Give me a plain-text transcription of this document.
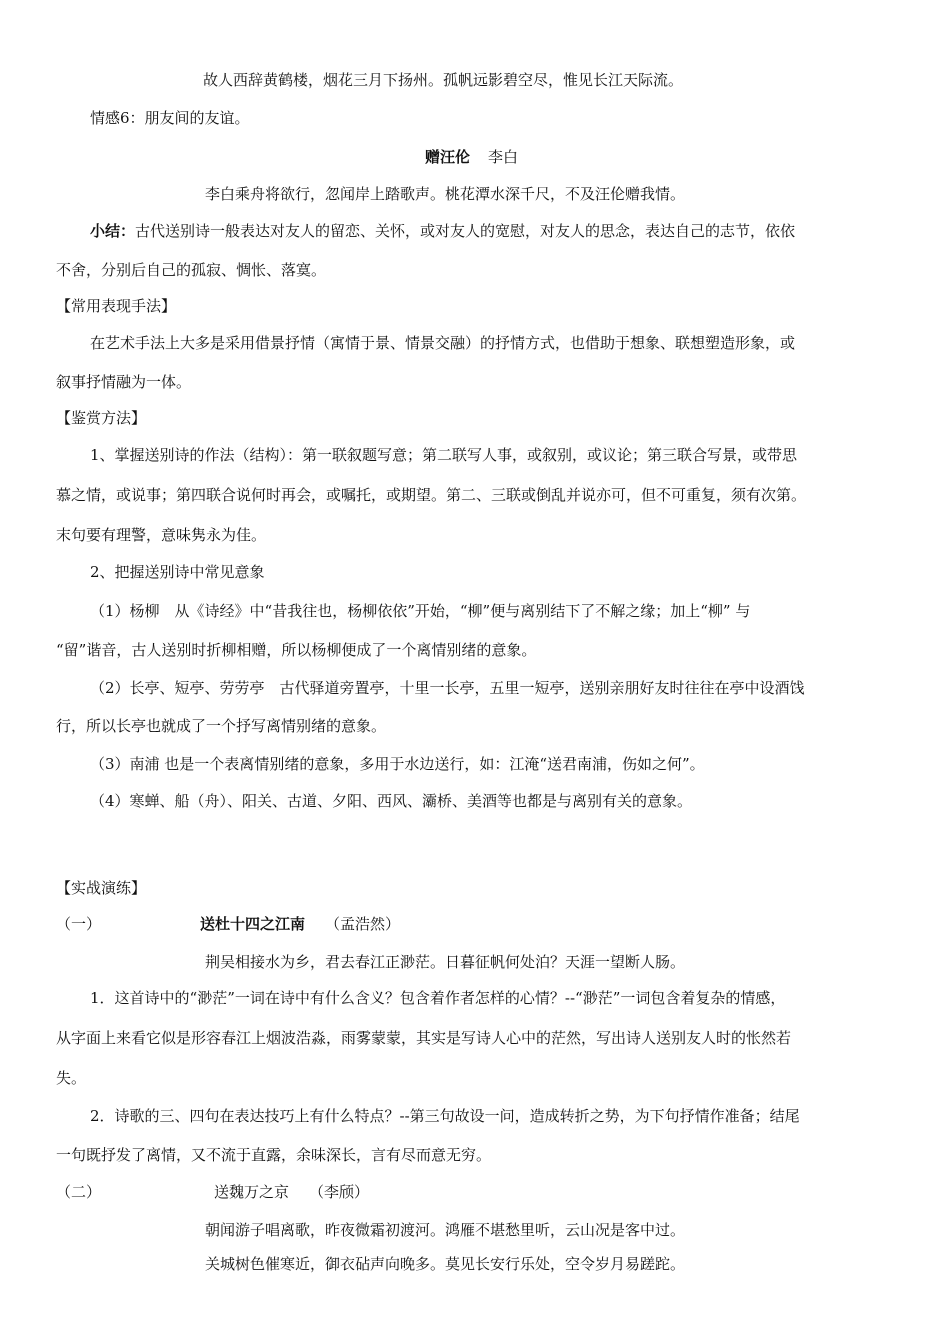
故人西辞黄鹤楼，烟花三月下扬州。孤帆远影碧空尽，惟见长江天际流。
情感6：朋友间的友谊。
赠汪伦 李白
李白乘舟将欲行，忽闻岸上踏歌声。桃花潭水深千尺，不及汪伦赠我情。
小结：古代送别诗一般表达对友人的留恋、关怀，或对友人的宽慰，对友人的思念，表达自己的志节，依依
不舍，分别后自己的孤寂、惆怅、落寞。
【常用表现手法】
在艺术手法上大多是采用借景抒情（寓情于景、情景交融）的抒情方式，也借助于想象、联想塑造形象，或
叙事抒情融为一体。
【鉴赏方法】
1、掌握送别诗的作法（结构）：第一联叙题写意；第二联写人事，或叙别，或议论；第三联合写景，或带思
慕之情，或说事；第四联合说何时再会，或嘱托，或期望。第二、三联或倒乱并说亦可，但不可重复，须有次第。
末句要有理警，意味隽永为佳。
2、把握送别诗中常见意象
（1）杨柳　从《诗经》中“昔我往也，杨柳依依”开始，“柳”便与离别结下了不解之缘；加上“柳” 与
“留”谐音，古人送别时折柳相赠，所以杨柳便成了一个离情别绪的意象。
（2）长亭、短亭、劳劳亭　古代驿道旁置亭，十里一长亭，五里一短亭，送别亲朋好友时往往在亭中设酒饯
行，所以长亭也就成了一个抒写离情别绪的意象。
（3）南浦 也是一个表离情别绪的意象，多用于水边送行，如：江淹“送君南浦，伤如之何”。
（4）寒蝉、船（舟）、阳关、古道、夕阳、西风、灞桥、美酒等也都是与离别有关的意象。
【实战演练】
（一）	送杜十四之江南 （孟浩然）
荆吴相接水为乡，君去春江正渺茫。日暮征帆何处泊？天涯一望断人肠。
1．这首诗中的“渺茫”一词在诗中有什么含义？包含着作者怎样的心情？--“渺茫”一词包含着复杂的情感，
从字面上来看它似是形容春江上烟波浩淼，雨雾蒙蒙，其实是写诗人心中的茫然，写出诗人送别友人时的怅然若
失。
2．诗歌的三、四句在表达技巧上有什么特点？--第三句故设一问，造成转折之势，为下句抒情作准备；结尾
一句既抒发了离情，又不流于直露，余味深长，言有尽而意无穷。
（二）	送魏万之京 （李颀）
朝闻游子唱离歌，昨夜微霜初渡河。鸿雁不堪愁里听，云山况是客中过。
关城树色催寒近，御衣砧声向晚多。莫见长安行乐处，空令岁月易蹉跎。
